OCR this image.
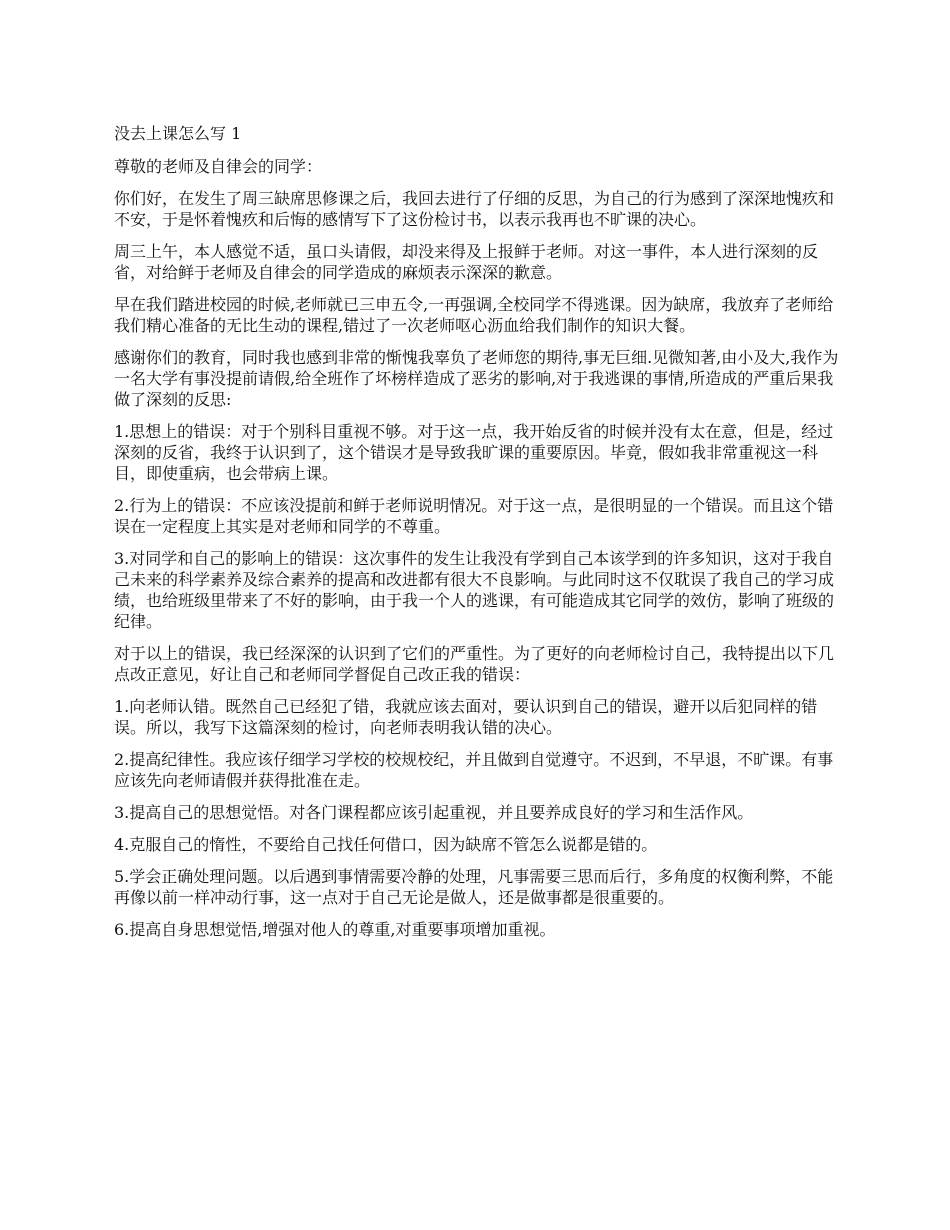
没去上课怎么写 1

尊敬的老师及自律会的同学：

你们好，在发生了周三缺席思修课之后，我回去进行了仔细的反思，为自己的行为感到了深深地愧疚和不安，于是怀着愧疚和后悔的感情写下了这份检讨书，以表示我再也不旷课的决心。

周三上午，本人感觉不适，虽口头请假，却没来得及上报鲜于老师。对这一事件，本人进行深刻的反省，对给鲜于老师及自律会的同学造成的麻烦表示深深的歉意。

早在我们踏进校园的时候,老师就已三申五令,一再强调,全校同学不得逃课。因为缺席，我放弃了老师给我们精心准备的无比生动的课程,错过了一次老师呕心沥血给我们制作的知识大餐。

感谢你们的教育，同时我也感到非常的惭愧我辜负了老师您的期待,事无巨细.见微知著,由小及大,我作为一名大学有事没提前请假,给全班作了坏榜样造成了恶劣的影响,对于我逃课的事情,所造成的严重后果我做了深刻的反思:

1.思想上的错误：对于个别科目重视不够。对于这一点，我开始反省的时候并没有太在意，但是，经过深刻的反省，我终于认识到了，这个错误才是导致我旷课的重要原因。毕竟，假如我非常重视这一科目，即使重病，也会带病上课。

2.行为上的错误：不应该没提前和鲜于老师说明情况。对于这一点，是很明显的一个错误。而且这个错误在一定程度上其实是对老师和同学的不尊重。

3.对同学和自己的影响上的错误：这次事件的发生让我没有学到自己本该学到的许多知识，这对于我自己未来的科学素养及综合素养的提高和改进都有很大不良影响。与此同时这不仅耽误了我自己的学习成绩，也给班级里带来了不好的影响，由于我一个人的逃课，有可能造成其它同学的效仿，影响了班级的纪律。

对于以上的错误，我已经深深的认识到了它们的严重性。为了更好的向老师检讨自己，我特提出以下几点改正意见，好让自己和老师同学督促自己改正我的错误：

1.向老师认错。既然自己已经犯了错，我就应该去面对，要认识到自己的错误，避开以后犯同样的错误。所以，我写下这篇深刻的检讨，向老师表明我认错的决心。

2.提高纪律性。我应该仔细学习学校的校规校纪，并且做到自觉遵守。不迟到，不早退，不旷课。有事应该先向老师请假并获得批准在走。

3.提高自己的思想觉悟。对各门课程都应该引起重视，并且要养成良好的学习和生活作风。

4.克服自己的惰性，不要给自己找任何借口，因为缺席不管怎么说都是错的。

5.学会正确处理问题。以后遇到事情需要冷静的处理，凡事需要三思而后行，多角度的权衡利弊，不能再像以前一样冲动行事，这一点对于自己无论是做人，还是做事都是很重要的。

6.提高自身思想觉悟,增强对他人的尊重,对重要事项增加重视。
